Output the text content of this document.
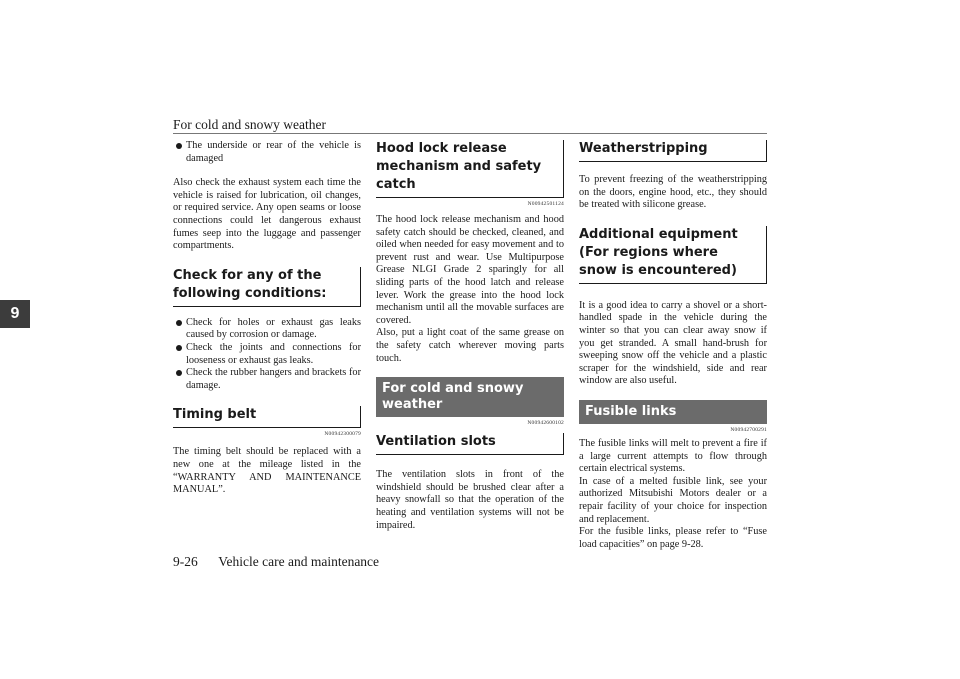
For cold and snowy weather
9

The underside or rear of the vehicle is damaged

Also check the exhaust system each time the vehicle is raised for lubrication, oil changes, or required service. Any open seams or loose connections could let dangerous exhaust fumes seep into the luggage and passenger compartments.

Check for any of the following conditions:

Check for holes or exhaust gas leaks caused by corrosion or damage.

Check the joints and connections for looseness or exhaust gas leaks.

Check the rubber hangers and brackets for damage.

Timing belt
N00942300079

The timing belt should be replaced with a new one at the mileage listed in the “WARRANTY AND MAINTENANCE MANUAL”.

Hood lock release mechanism and safety catch
N00942501124

The hood lock release mechanism and hood safety catch should be checked, cleaned, and oiled when needed for easy movement and to prevent rust and wear. Use Multipurpose Grease NLGI Grade 2 sparingly for all sliding parts of the hood latch and release lever. Work the grease into the hood lock mechanism until all the movable surfaces are covered.

Also, put a light coat of the same grease on the safety catch wherever moving parts touch.

For cold and snowy weather
N00942600102
Ventilation slots

The ventilation slots in front of the windshield should be brushed clear after a heavy snowfall so that the operation of the heating and ventilation systems will not be impaired.

Weatherstripping

To prevent freezing of the weatherstripping on the doors, engine hood, etc., they should be treated with silicone grease.

Additional equipment (For regions where snow is encountered)

It is a good idea to carry a shovel or a short-handled spade in the vehicle during the winter so that you can clear away snow if you get stranded. A small hand-brush for sweeping snow off the vehicle and a plastic scraper for the windshield, side and rear window are also useful.

Fusible links
N00942700291

The fusible links will melt to prevent a fire if a large current attempts to flow through certain electrical systems.

In case of a melted fusible link, see your authorized Mitsubishi Motors dealer or a repair facility of your choice for inspection and replacement.

For the fusible links, please refer to “Fuse load capacities” on page 9-28.

9-26 Vehicle care and maintenance
